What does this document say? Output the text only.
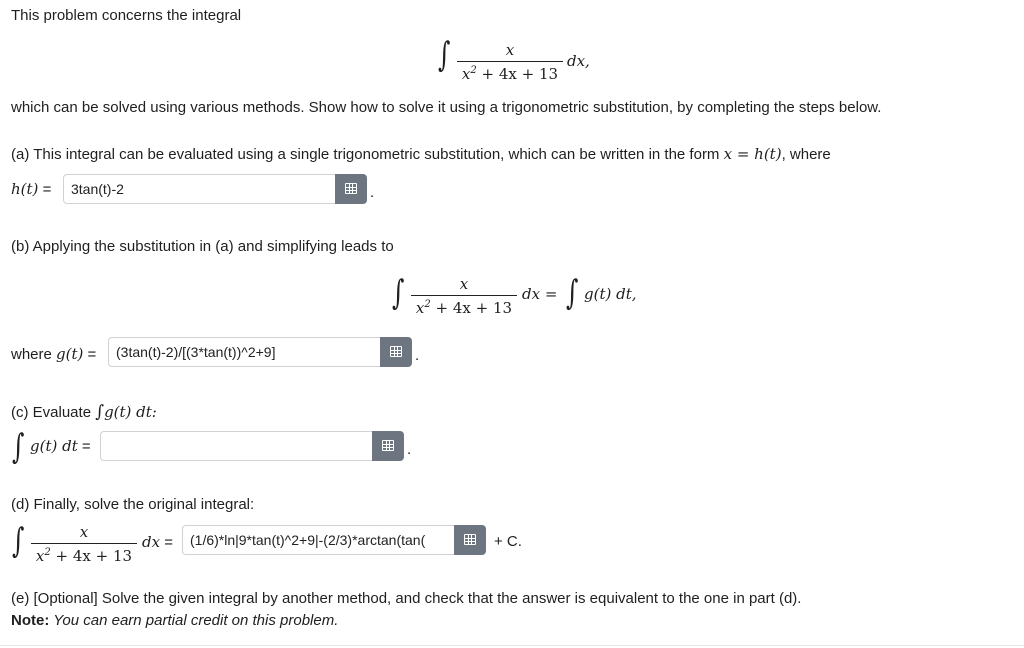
This problem concerns the integral
∫	x
$x^2 + 4x + 13$
dx,
which can be solved using various methods. Show how to solve it using a trigonometric substitution, by completing the steps below.
(a) This integral can be evaluated using a single trigonometric substitution, which can be written in the form x = h(t), where
h(t) =	3tan(t)-2	.
(b) Applying the substitution in (a) and simplifying leads to
∫	x
$x^2 + 4x + 13$
dx = ∫ g(t) dt,
where g(t) =	(3tan(t)-2)/[(3*tan(t))^2+9]	.
(c) Evaluate ∫g(t) dt:
∫ g(t) dt =	.
(d) Finally, solve the original integral:
∫	x
$x^2 + 4x + 13$
dx =	(1/6)*ln|9*tan(t)^2+9|-(2/3)*arctan(tan(	+ C.
(e) [Optional] Solve the given integral by another method, and check that the answer is equivalent to the one in part (d).
Note: You can earn partial credit on this problem.
